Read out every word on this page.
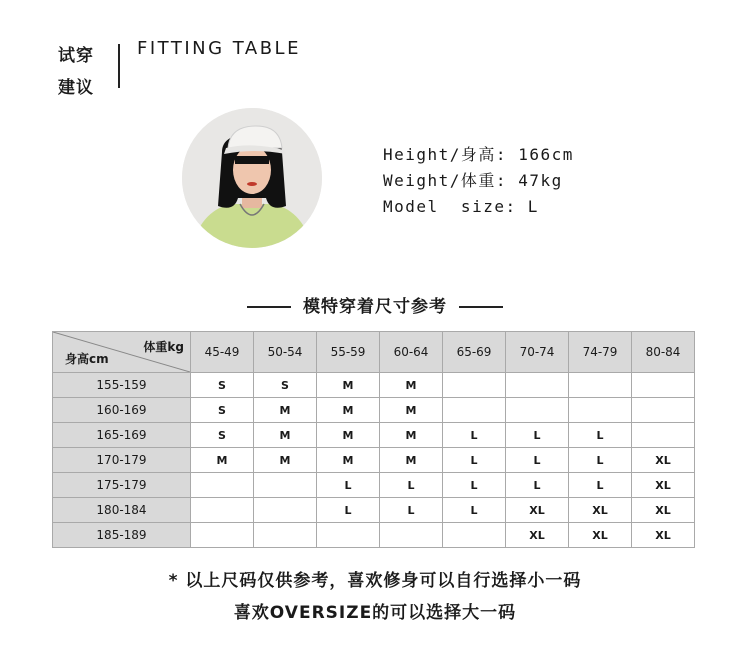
试穿
建议
FITTING TABLE
Height/身高: 166cm
Weight/体重: 47kg
Model  size: L
模特穿着尺寸参考
体重kg
身高cm	45-49	50-54	55-59	60-64	65-69	70-74	74-79	80-84
155-159	S	S	M	M				
160-169	S	M	M	M				
165-169	S	M	M	M	L	L	L	
170-179	M	M	M	M	L	L	L	XL
175-179			L	L	L	L	L	XL
180-184			L	L	L	XL	XL	XL
185-189						XL	XL	XL
* 以上尺码仅供参考，喜欢修身可以自行选择小一码
喜欢OVERSIZE的可以选择大一码
